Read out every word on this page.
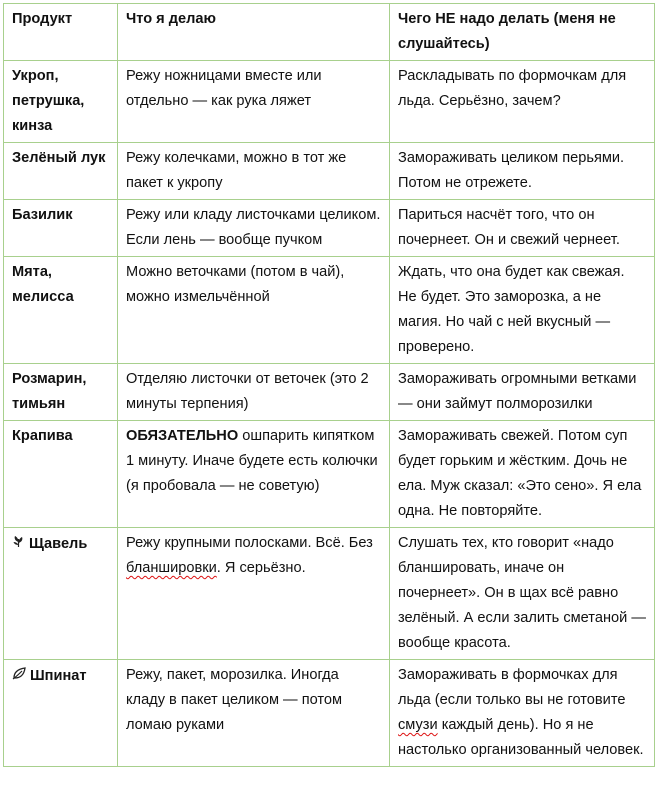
Продукт	Что я делаю	Чего НЕ надо делать (меня не слушайтесь)
Укроп, петрушка, кинза	Режу ножницами вместе или отдельно — как рука ляжет	Раскладывать по формочкам для льда. Серьёзно, зачем?
Зелёный лук	Режу колечками, можно в тот же пакет к укропу	Замораживать целиком перьями. Потом не отрежете.
Базилик	Режу или кладу листочками целиком. Если лень — вообще пучком	Париться насчёт того, что он почернеет. Он и свежий чернеет.
Мята, мелисса	Можно веточками (потом в чай), можно измельчённой	Ждать, что она будет как свежая. Не будет. Это заморозка, а не магия. Но чай с ней вкусный — проверено.
Розмарин, тимьян	Отделяю листочки от веточек (это 2 минуты терпения)	Замораживать огромными ветками — они займут полморозилки
Крапива	ОБЯЗАТЕЛЬНО ошпарить кипятком 1 минуту. Иначе будете есть колючки (я пробовала — не советую)	Замораживать свежей. Потом суп будет горьким и жёстким. Дочь не ела. Муж сказал: «Это сено». Я ела одна. Не повторяйте.
Щавель	Режу крупными полосками. Всё. Без бланшировки. Я серьёзно.	Слушать тех, кто говорит «надо бланшировать, иначе он почернеет». Он в щах всё равно зелёный. А если залить сметаной — вообще красота.
Шпинат	Режу, пакет, морозилка. Иногда кладу в пакет целиком — потом ломаю руками	Замораживать в формочках для льда (если только вы не готовите смузи каждый день). Но я не настолько организованный человек.
